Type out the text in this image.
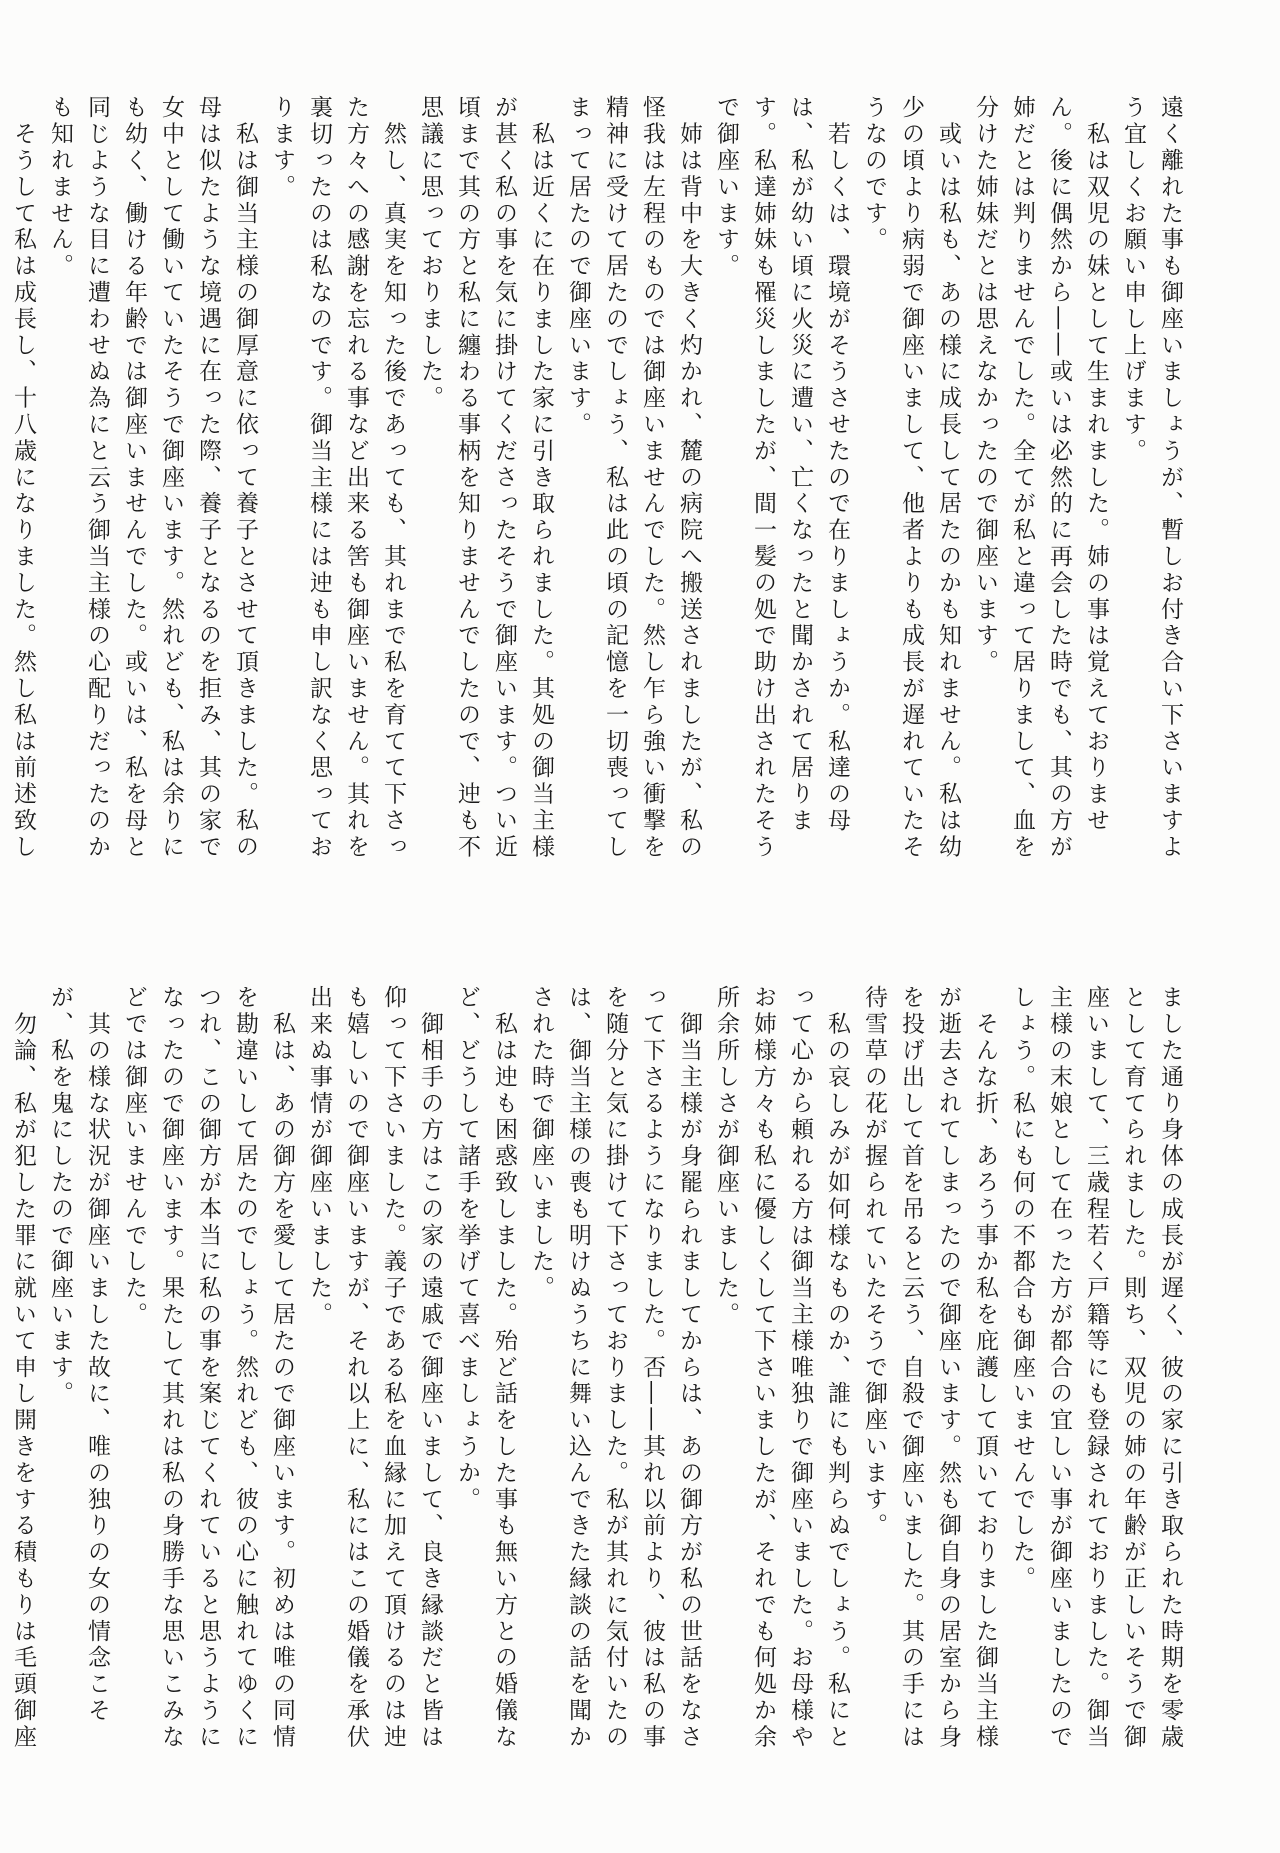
遠く離れた事も御座いましょうが、暫しお付き合い下さいますよう宜しくお願い申し上げます。

　私は双児の妹として生まれました。姉の事は覚えておりません。後に偶然から――或いは必然的に再会した時でも、其の方が姉だとは判りませんでした。全てが私と違って居りまして、血を分けた姉妹だとは思えなかったので御座います。

　或いは私も、あの様に成長して居たのかも知れません。私は幼少の頃より病弱で御座いまして、他者よりも成長が遅れていたそうなのです。

　若しくは、環境がそうさせたので在りましょうか。私達の母は、私が幼い頃に火災に遭い、亡くなったと聞かされて居ります。私達姉妹も罹災しましたが、間一髪の処で助け出されたそうで御座います。

　姉は背中を大きく灼かれ、麓の病院へ搬送されましたが、私の怪我は左程のものでは御座いませんでした。然し乍ら強い衝撃を精神に受けて居たのでしょう、私は此の頃の記憶を一切喪ってしまって居たので御座います。

　私は近くに在りました家に引き取られました。其処の御当主様が甚く私の事を気に掛けてくださったそうで御座います。つい近頃まで其の方と私に纏わる事柄を知りませんでしたので、迚も不思議に思っておりました。

　然し、真実を知った後であっても、其れまで私を育てて下さった方々への感謝を忘れる事など出来る筈も御座いません。其れを裏切ったのは私なのです。御当主様には迚も申し訳なく思っております。

　私は御当主様の御厚意に依って養子とさせて頂きました。私の母は似たような境遇に在った際、養子となるのを拒み、其の家で女中として働いていたそうで御座います。然れども、私は余りにも幼く、働ける年齢では御座いませんでした。或いは、私を母と同じような目に遭わせぬ為にと云う御当主様の心配りだったのかも知れません。

　そうして私は成長し、十八歳になりました。然し私は前述致し

ました通り身体の成長が遅く、彼の家に引き取られた時期を零歳として育てられました。則ち、双児の姉の年齢が正しいそうで御座いまして、三歳程若く戸籍等にも登録されておりました。御当主様の末娘として在った方が都合の宜しい事が御座いましたのでしょう。私にも何の不都合も御座いませんでした。

　そんな折、あろう事か私を庇護して頂いておりました御当主様が逝去されてしまったので御座います。然も御自身の居室から身を投げ出して首を吊ると云う、自殺で御座いました。其の手には待雪草の花が握られていたそうで御座います。

　私の哀しみが如何様なものか、誰にも判らぬでしょう。私にとって心から頼れる方は御当主様唯独りで御座いました。お母様やお姉様方々も私に優しくして下さいましたが、それでも何処か余所余所しさが御座いました。

　御当主様が身罷られましてからは、あの御方が私の世話をなさって下さるようになりました。否――其れ以前より、彼は私の事を随分と気に掛けて下さっておりました。私が其れに気付いたのは、御当主様の喪も明けぬうちに舞い込んできた縁談の話を聞かされた時で御座いました。

　私は迚も困惑致しました。殆ど話をした事も無い方との婚儀など、どうして諸手を挙げて喜べましょうか。

　御相手の方はこの家の遠戚で御座いまして、良き縁談だと皆は仰って下さいました。義子である私を血縁に加えて頂けるのは迚も嬉しいので御座いますが、それ以上に、私にはこの婚儀を承伏出来ぬ事情が御座いました。

　私は、あの御方を愛して居たので御座います。初めは唯の同情を勘違いして居たのでしょう。然れども、彼の心に触れてゆくにつれ、この御方が本当に私の事を案じてくれていると思うようになったので御座います。果たして其れは私の身勝手な思いこみなどでは御座いませんでした。

　其の様な状況が御座いました故に、唯の独りの女の情念こそが、私を鬼にしたので御座います。

　勿論、私が犯した罪に就いて申し開きをする積もりは毛頭御座
